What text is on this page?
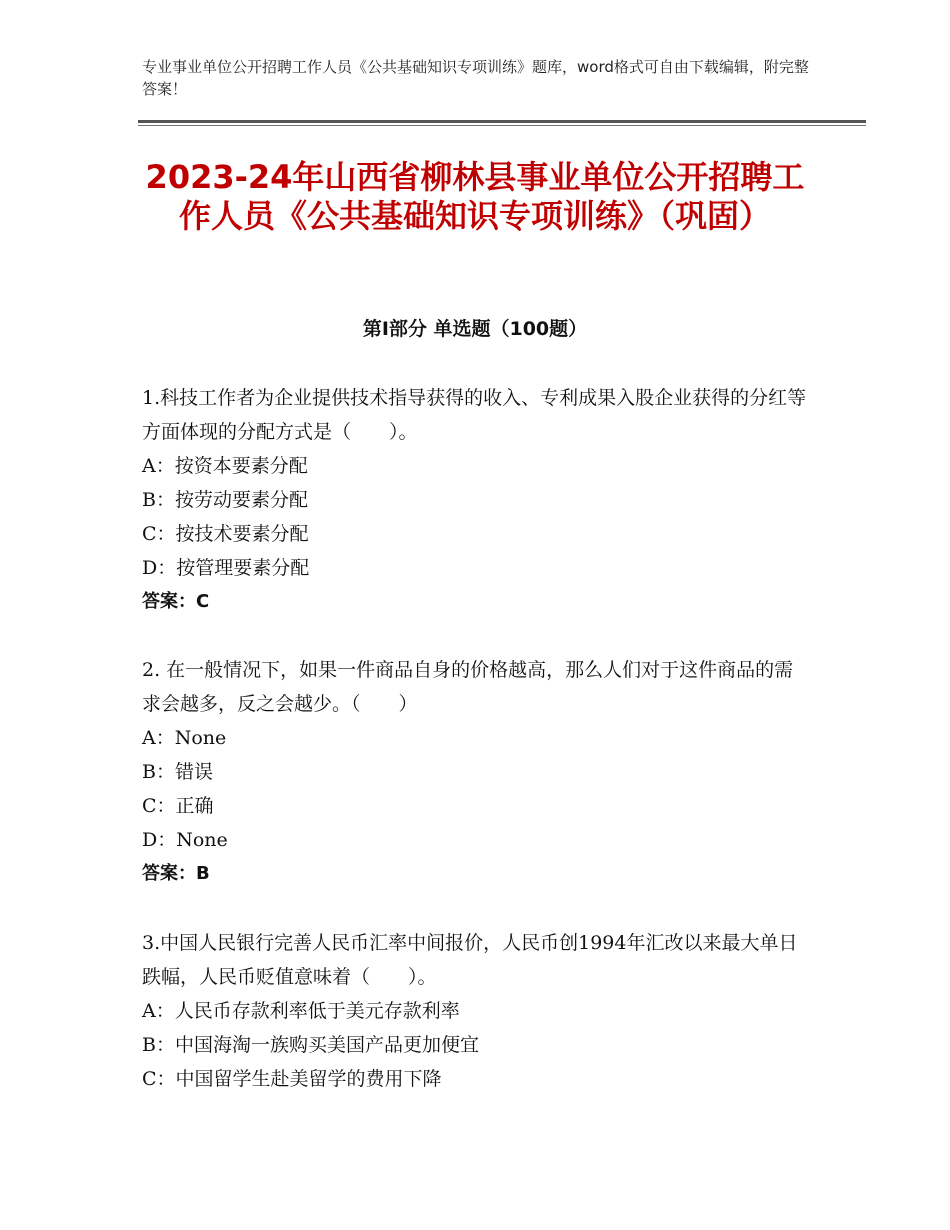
专业事业单位公开招聘工作人员《公共基础知识专项训练》题库，word格式可自由下载编辑，附完整答案！
2023-24年山西省柳林县事业单位公开招聘工作人员《公共基础知识专项训练》（巩固）
第Ⅰ部分 单选题（100题）
1.科技工作者为企业提供技术指导获得的收入、专利成果入股企业获得的分红等方面体现的分配方式是（　　）。
A：按资本要素分配
B：按劳动要素分配
C：按技术要素分配
D：按管理要素分配
答案：C
2. 在一般情况下，如果一件商品自身的价格越高，那么人们对于这件商品的需求会越多，反之会越少。（　　）
A：None
B：错误
C：正确
D：None
答案：B
3.中国人民银行完善人民币汇率中间报价，人民币创1994年汇改以来最大单日跌幅，人民币贬值意味着（　　）。
A：人民币存款利率低于美元存款利率
B：中国海淘一族购买美国产品更加便宜
C：中国留学生赴美留学的费用下降
